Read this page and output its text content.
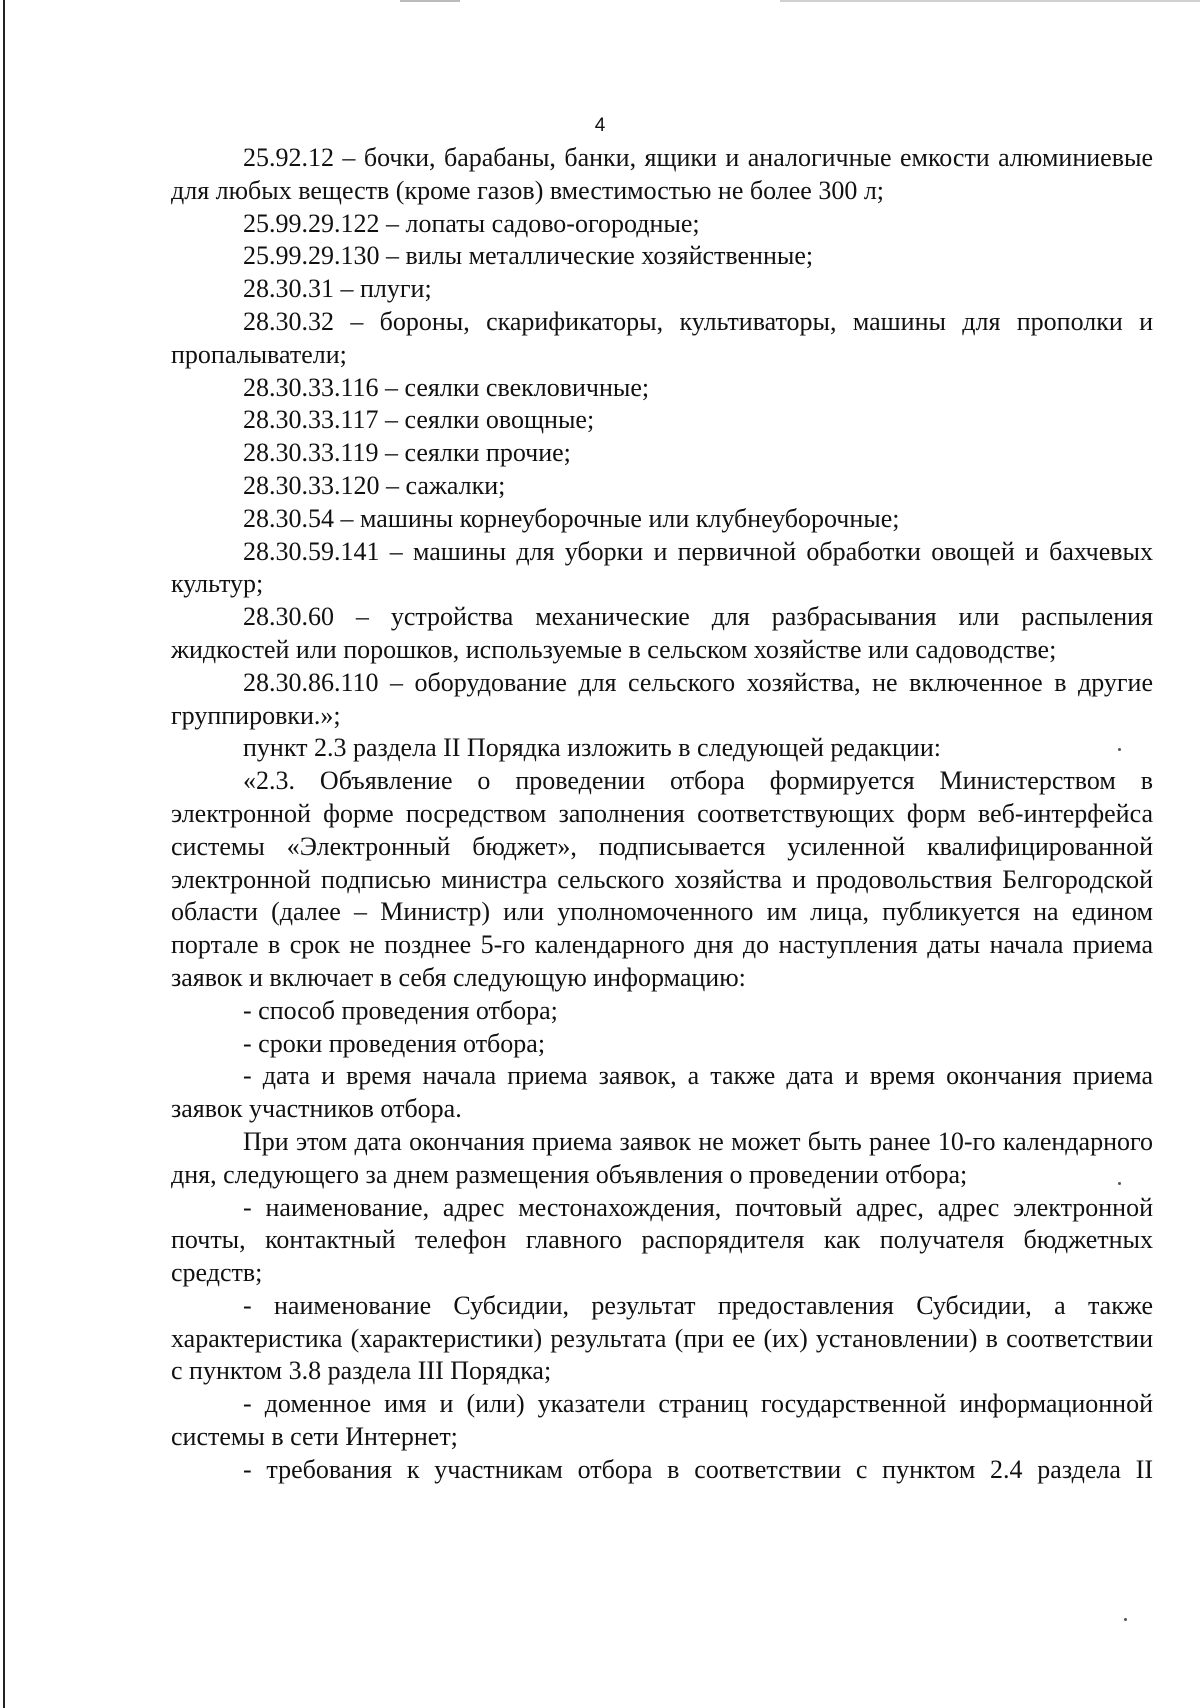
4

25.92.12 – бочки, барабаны, банки, ящики и аналогичные емкости алюминиевые для любых веществ (кроме газов) вместимостью не более 300 л;

25.99.29.122 – лопаты садово-огородные;

25.99.29.130 – вилы металлические хозяйственные;

28.30.31 – плуги;

28.30.32 – бороны, скарификаторы, культиваторы, машины для прополки и пропалыватели;

28.30.33.116 – сеялки свекловичные;

28.30.33.117 – сеялки овощные;

28.30.33.119 – сеялки прочие;

28.30.33.120 – сажалки;

28.30.54 – машины корнеуборочные или клубнеуборочные;

28.30.59.141 – машины для уборки и первичной обработки овощей и бахчевых культур;

28.30.60 – устройства механические для разбрасывания или распыления жидкостей или порошков, используемые в сельском хозяйстве или садоводстве;

28.30.86.110 – оборудование для сельского хозяйства, не включенное в другие группировки.»;

пункт 2.3 раздела II Порядка изложить в следующей редакции:

«2.3. Объявление о проведении отбора формируется Министерством в электронной форме посредством заполнения соответствующих форм веб-интерфейса системы «Электронный бюджет», подписывается усиленной квалифицированной электронной подписью министра сельского хозяйства и продовольствия Белгородской области (далее – Министр) или уполномоченного им лица, публикуется на едином портале в срок не позднее 5-го календарного дня до наступления даты начала приема заявок и включает в себя следующую информацию:

- способ проведения отбора;

- сроки проведения отбора;

- дата и время начала приема заявок, а также дата и время окончания приема заявок участников отбора.

При этом дата окончания приема заявок не может быть ранее 10-го календарного дня, следующего за днем размещения объявления о проведении отбора;

- наименование, адрес местонахождения, почтовый адрес, адрес электронной почты, контактный телефон главного распорядителя как получателя бюджетных средств;

- наименование Субсидии, результат предоставления Субсидии, а также характеристика (характеристики) результата (при ее (их) установлении) в соответствии с пунктом 3.8 раздела III Порядка;

- доменное имя и (или) указатели страниц государственной информационной системы в сети Интернет;

- требования к участникам отбора в соответствии с пунктом 2.4 раздела II
